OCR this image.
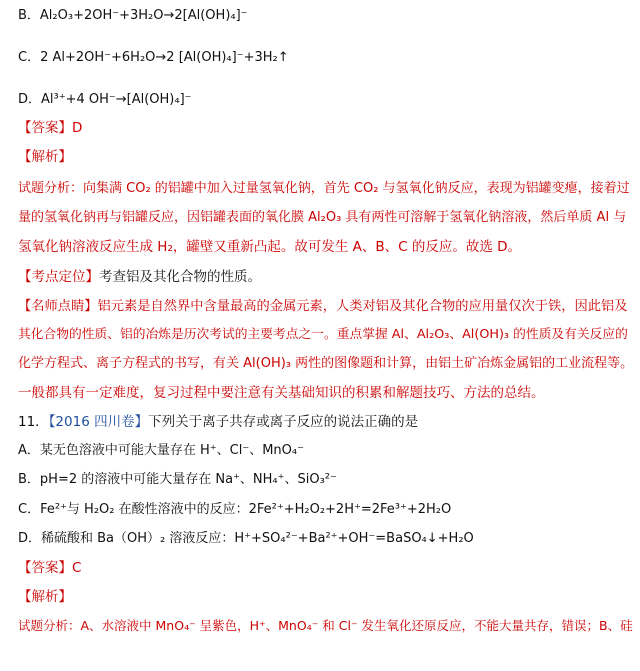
B．Al₂O₃+2OH⁻+3H₂O→2[Al(OH)₄]⁻
C．2 Al+2OH⁻+6H₂O→2 [Al(OH)₄]⁻+3H₂↑
D．Al³⁺+4 OH⁻→[Al(OH)₄]⁻
【答案】D
【解析】
试题分析：向集满 CO₂ 的铝罐中加入过量氢氧化钠，首先 CO₂ 与氢氧化钠反应，表现为铝罐变瘪，接着过
量的氢氧化钠再与铝罐反应，因铝罐表面的氧化膜 Al₂O₃ 具有两性可溶解于氢氧化钠溶液，然后单质 Al 与
氢氧化钠溶液反应生成 H₂，罐壁又重新凸起。故可发生 A、B、C 的反应。故选 D。
【考点定位】考查铝及其化合物的性质。
【名师点睛】铝元素是自然界中含量最高的金属元素，人类对铝及其化合物的应用量仅次于铁，因此铝及
其化合物的性质、铝的冶炼是历次考试的主要考点之一。重点掌握 Al、Al₂O₃、Al(OH)₃ 的性质及有关反应的
化学方程式、离子方程式的书写，有关 Al(OH)₃ 两性的图像题和计算，由铝土矿冶炼金属铝的工业流程等。
一般都具有一定难度，复习过程中要注意有关基础知识的积累和解题技巧、方法的总结。
11．【2016 四川卷】下列关于离子共存或离子反应的说法正确的是
A．某无色溶液中可能大量存在 H⁺、Cl⁻、MnO₄⁻
B．pH=2 的溶液中可能大量存在 Na⁺、NH₄⁺、SiO₃²⁻
C．Fe²⁺与 H₂O₂ 在酸性溶液中的反应：2Fe²⁺+H₂O₂+2H⁺=2Fe³⁺+2H₂O
D．稀硫酸和 Ba（OH）₂ 溶液反应：H⁺+SO₄²⁻+Ba²⁺+OH⁻=BaSO₄↓+H₂O
【答案】C
【解析】
试题分析：A、水溶液中 MnO₄⁻ 呈紫色，H⁺、MnO₄⁻ 和 Cl⁻ 发生氧化还原反应，不能大量共存，错误；B、硅
